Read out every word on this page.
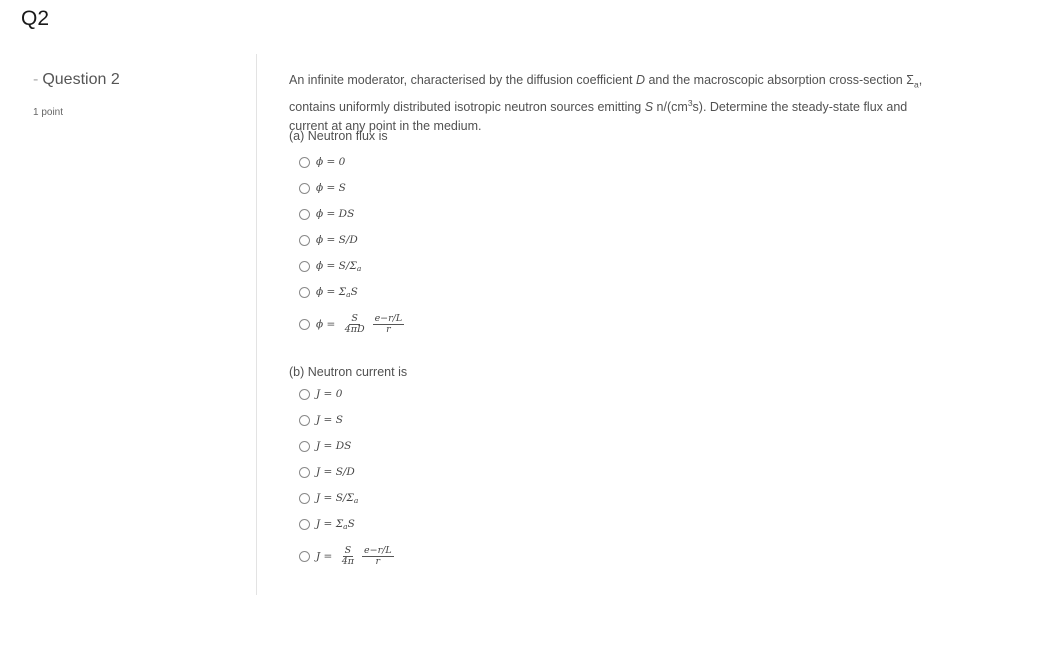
Q2
- Question 2
1 point
An infinite moderator, characterised by the diffusion coefficient D and the macroscopic absorption cross-section $\Sigma_a$,
contains uniformly distributed isotropic neutron sources emitting S $n/(cm^3s)$. Determine the steady-state flux and
current at any point in the medium.
(a) Neutron flux is
ϕ = 0
ϕ = S
ϕ = DS
ϕ = S/D
$\phi = S/\Sigma_a$
$\phi = \Sigma_aS$
$\phi = \frac{S}{4\pi D} \frac{e-r/L}{r}$
(b) Neutron current is
J = 0
J = S
J = DS
J = S/D
$J = S/\Sigma_a$
$J = \Sigma_aS$
$J = \frac{S}{4\pi} \frac{e-r/L}{r}$
